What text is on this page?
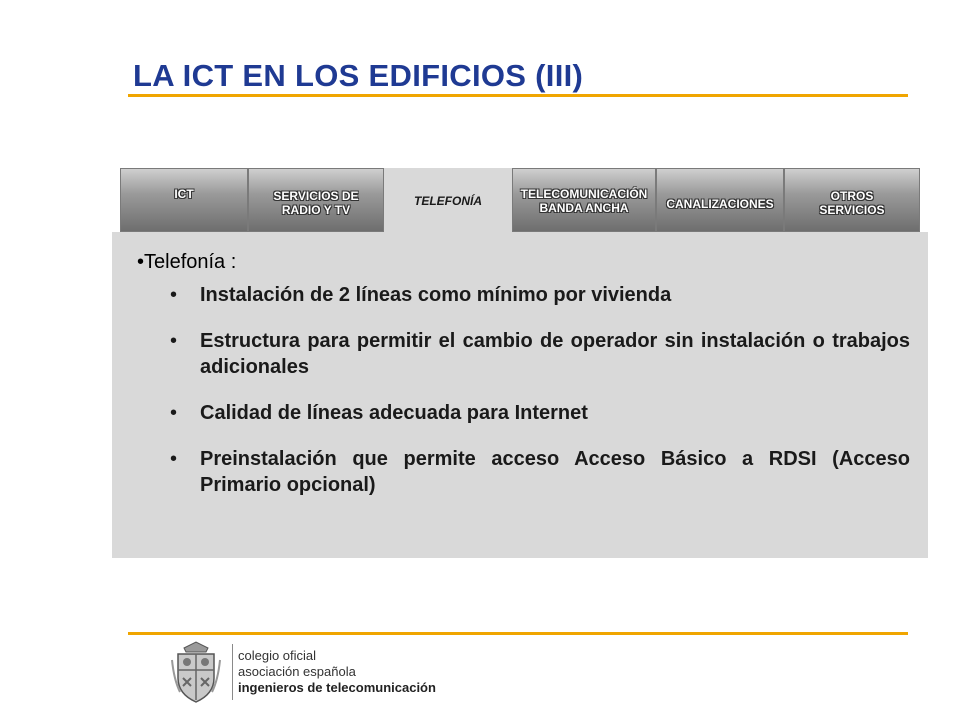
LA ICT EN LOS EDIFICIOS (III)
ICT	SERVICIOS DE
RADIO Y TV
TELEFONÍA	TELECOMUNICACIÓN
BANDA ANCHA	CANALIZACIONES
OTROS
SERVICIOS
•Telefonía :
• Instalación de 2 líneas como mínimo por vivienda
• Estructura para permitir el cambio de operador sin instalación o trabajos adicionales
• Calidad de líneas adecuada para Internet
• Preinstalación que permite acceso Acceso Básico a RDSI (Acceso Primario opcional)
colegio oficial
asociación española
ingenieros de telecomunicación
